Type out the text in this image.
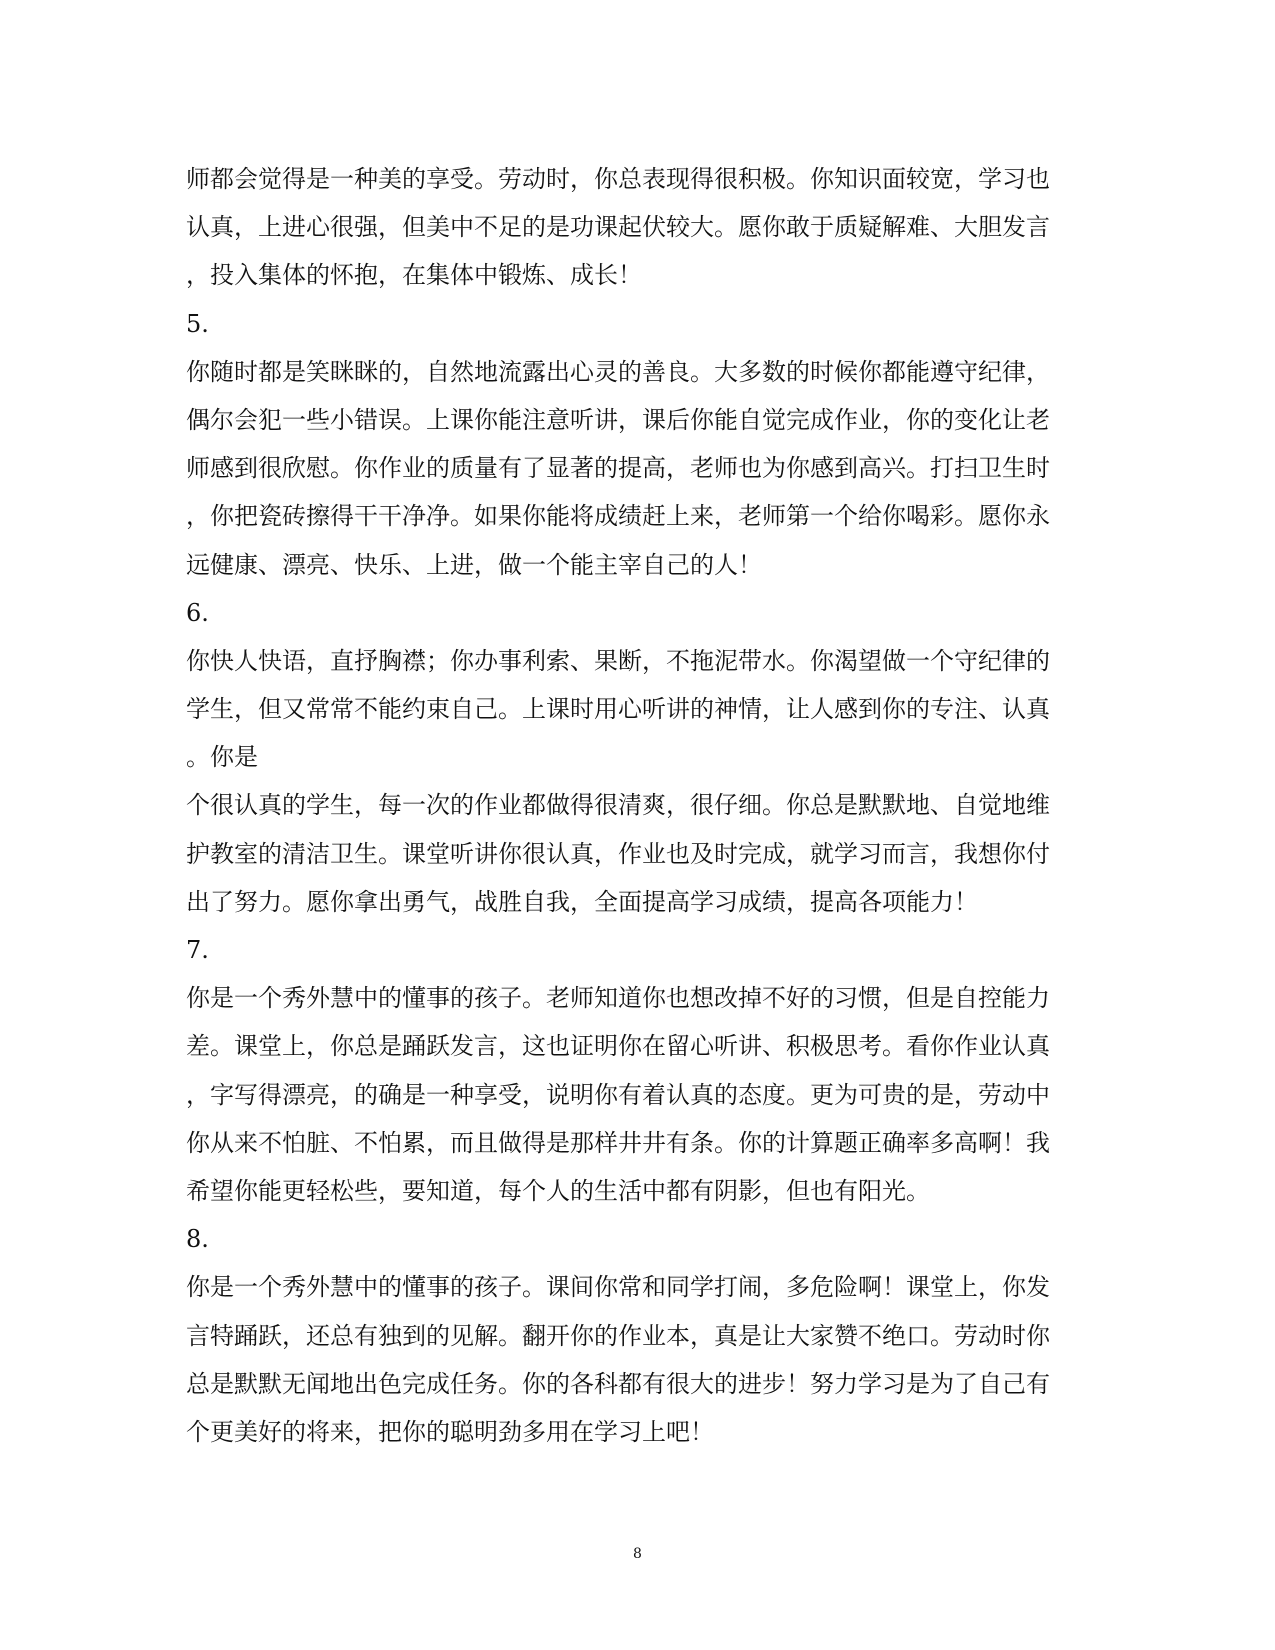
师都会觉得是一种美的享受。劳动时，你总表现得很积极。你知识面较宽，学习也
认真，上进心很强，但美中不足的是功课起伏较大。愿你敢于质疑解难、大胆发言
，投入集体的怀抱，在集体中锻炼、成长！
5.
你随时都是笑眯眯的，自然地流露出心灵的善良。大多数的时候你都能遵守纪律，
偶尔会犯一些小错误。上课你能注意听讲，课后你能自觉完成作业，你的变化让老
师感到很欣慰。你作业的质量有了显著的提高，老师也为你感到高兴。打扫卫生时
，你把瓷砖擦得干干净净。如果你能将成绩赶上来，老师第一个给你喝彩。愿你永
远健康、漂亮、快乐、上进，做一个能主宰自己的人！
6.
你快人快语，直抒胸襟；你办事利索、果断，不拖泥带水。你渴望做一个守纪律的
学生，但又常常不能约束自己。上课时用心听讲的神情，让人感到你的专注、认真
。你是
个很认真的学生，每一次的作业都做得很清爽，很仔细。你总是默默地、自觉地维
护教室的清洁卫生。课堂听讲你很认真，作业也及时完成，就学习而言，我想你付
出了努力。愿你拿出勇气，战胜自我，全面提高学习成绩，提高各项能力！
7.
你是一个秀外慧中的懂事的孩子。老师知道你也想改掉不好的习惯，但是自控能力
差。课堂上，你总是踊跃发言，这也证明你在留心听讲、积极思考。看你作业认真
，字写得漂亮，的确是一种享受，说明你有着认真的态度。更为可贵的是，劳动中
你从来不怕脏、不怕累，而且做得是那样井井有条。你的计算题正确率多高啊！我
希望你能更轻松些，要知道，每个人的生活中都有阴影，但也有阳光。
8.
你是一个秀外慧中的懂事的孩子。课间你常和同学打闹，多危险啊！课堂上，你发
言特踊跃，还总有独到的见解。翻开你的作业本，真是让大家赞不绝口。劳动时你
总是默默无闻地出色完成任务。你的各科都有很大的进步！努力学习是为了自己有
个更美好的将来，把你的聪明劲多用在学习上吧！
8
